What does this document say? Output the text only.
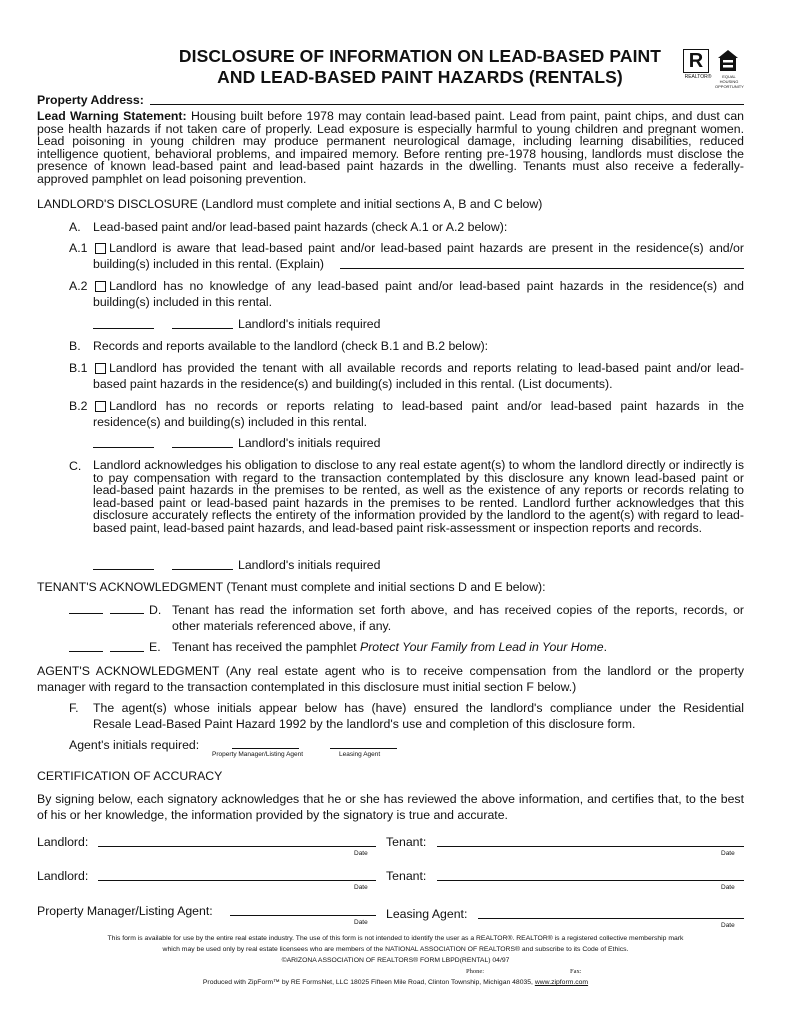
DISCLOSURE OF INFORMATION ON LEAD-BASED PAINT
AND LEAD-BASED PAINT HAZARDS (RENTALS)
R
REALTOR®	EQUAL HOUSING OPPORTUNITY
Property Address:
Lead Warning Statement: Housing built before 1978 may contain lead-based paint. Lead from paint, paint chips, and dust can pose health hazards if not taken care of properly. Lead exposure is especially harmful to young children and pregnant women. Lead poisoning in young children may produce permanent neurological damage, including learning disabilities, reduced intelligence quotient, behavioral problems, and impaired memory. Before renting pre-1978 housing, landlords must disclose the presence of known lead-based paint and lead-based paint hazards in the dwelling. Tenants must also receive a federally-approved pamphlet on lead poisoning prevention.
LANDLORD'S DISCLOSURE (Landlord must complete and initial sections A, B and C below)
A. Lead-based paint and/or lead-based paint hazards (check A.1 or A.2 below):
A.1 Landlord is aware that lead-based paint and/or lead-based paint hazards are present in the residence(s) and/or
building(s) included in this rental. (Explain)
A.2 Landlord has no knowledge of any lead-based paint and/or lead-based paint hazards in the residence(s) and
building(s) included in this rental.
Landlord's initials required
B. Records and reports available to the landlord (check B.1 and B.2 below):
B.1 Landlord has provided the tenant with all available records and reports relating to lead-based paint and/or lead-
based paint hazards in the residence(s) and building(s) included in this rental. (List documents).
B.2 Landlord has no records or reports relating to lead-based paint and/or lead-based paint hazards in the
residence(s) and building(s) included in this rental.
Landlord's initials required
C. Landlord acknowledges his obligation to disclose to any real estate agent(s) to whom the landlord directly or indirectly is to pay compensation with regard to the transaction contemplated by this disclosure any known lead-based paint or lead-based paint hazards in the premises to be rented, as well as the existence of any reports or records relating to lead-based paint or lead-based paint hazards in the premises to be rented. Landlord further acknowledges that this disclosure accurately reflects the entirety of the information provided by the landlord to the agent(s) with regard to lead-based paint, lead-based paint hazards, and lead-based paint risk-assessment or inspection reports and records.
Landlord's initials required
TENANT'S ACKNOWLEDGMENT (Tenant must complete and initial sections D and E below):
D. Tenant has read the information set forth above, and has received copies of the reports, records, or
other materials referenced above, if any.
E. Tenant has received the pamphlet Protect Your Family from Lead in Your Home.
AGENT'S ACKNOWLEDGMENT (Any real estate agent who is to receive compensation from the landlord or the property manager with regard to the transaction contemplated in this disclosure must initial section F below.)
F. The agent(s) whose initials appear below has (have) ensured the landlord's compliance under the Residential
Resale Lead-Based Paint Hazard 1992 by the landlord's use and completion of this disclosure form.
Agent's initials required:
Property Manager/Listing Agent	Leasing Agent
CERTIFICATION OF ACCURACY
By signing below, each signatory acknowledges that he or she has reviewed the above information, and certifies that, to the best of his or her knowledge, the information provided by the signatory is true and accurate.
Landlord:
Date
Tenant:
Date
Landlord:
Date
Tenant:
Date
Property Manager/Listing Agent:
Date
Leasing Agent:
Date
This form is available for use by the entire real estate industry. The use of this form is not intended to identify the user as a REALTOR®. REALTOR® is a registered collective membership mark
which may be used only by real estate licensees who are members of the NATIONAL ASSOCIATION OF REALTORS® and subscribe to its Code of Ethics.
©ARIZONA ASSOCIATION OF REALTORS® FORM LBPD(RENTAL) 04/97
Phone:	Fax:
Produced with ZipForm™ by RE FormsNet, LLC 18025 Fifteen Mile Road, Clinton Township, Michigan 48035, www.zipform.com
